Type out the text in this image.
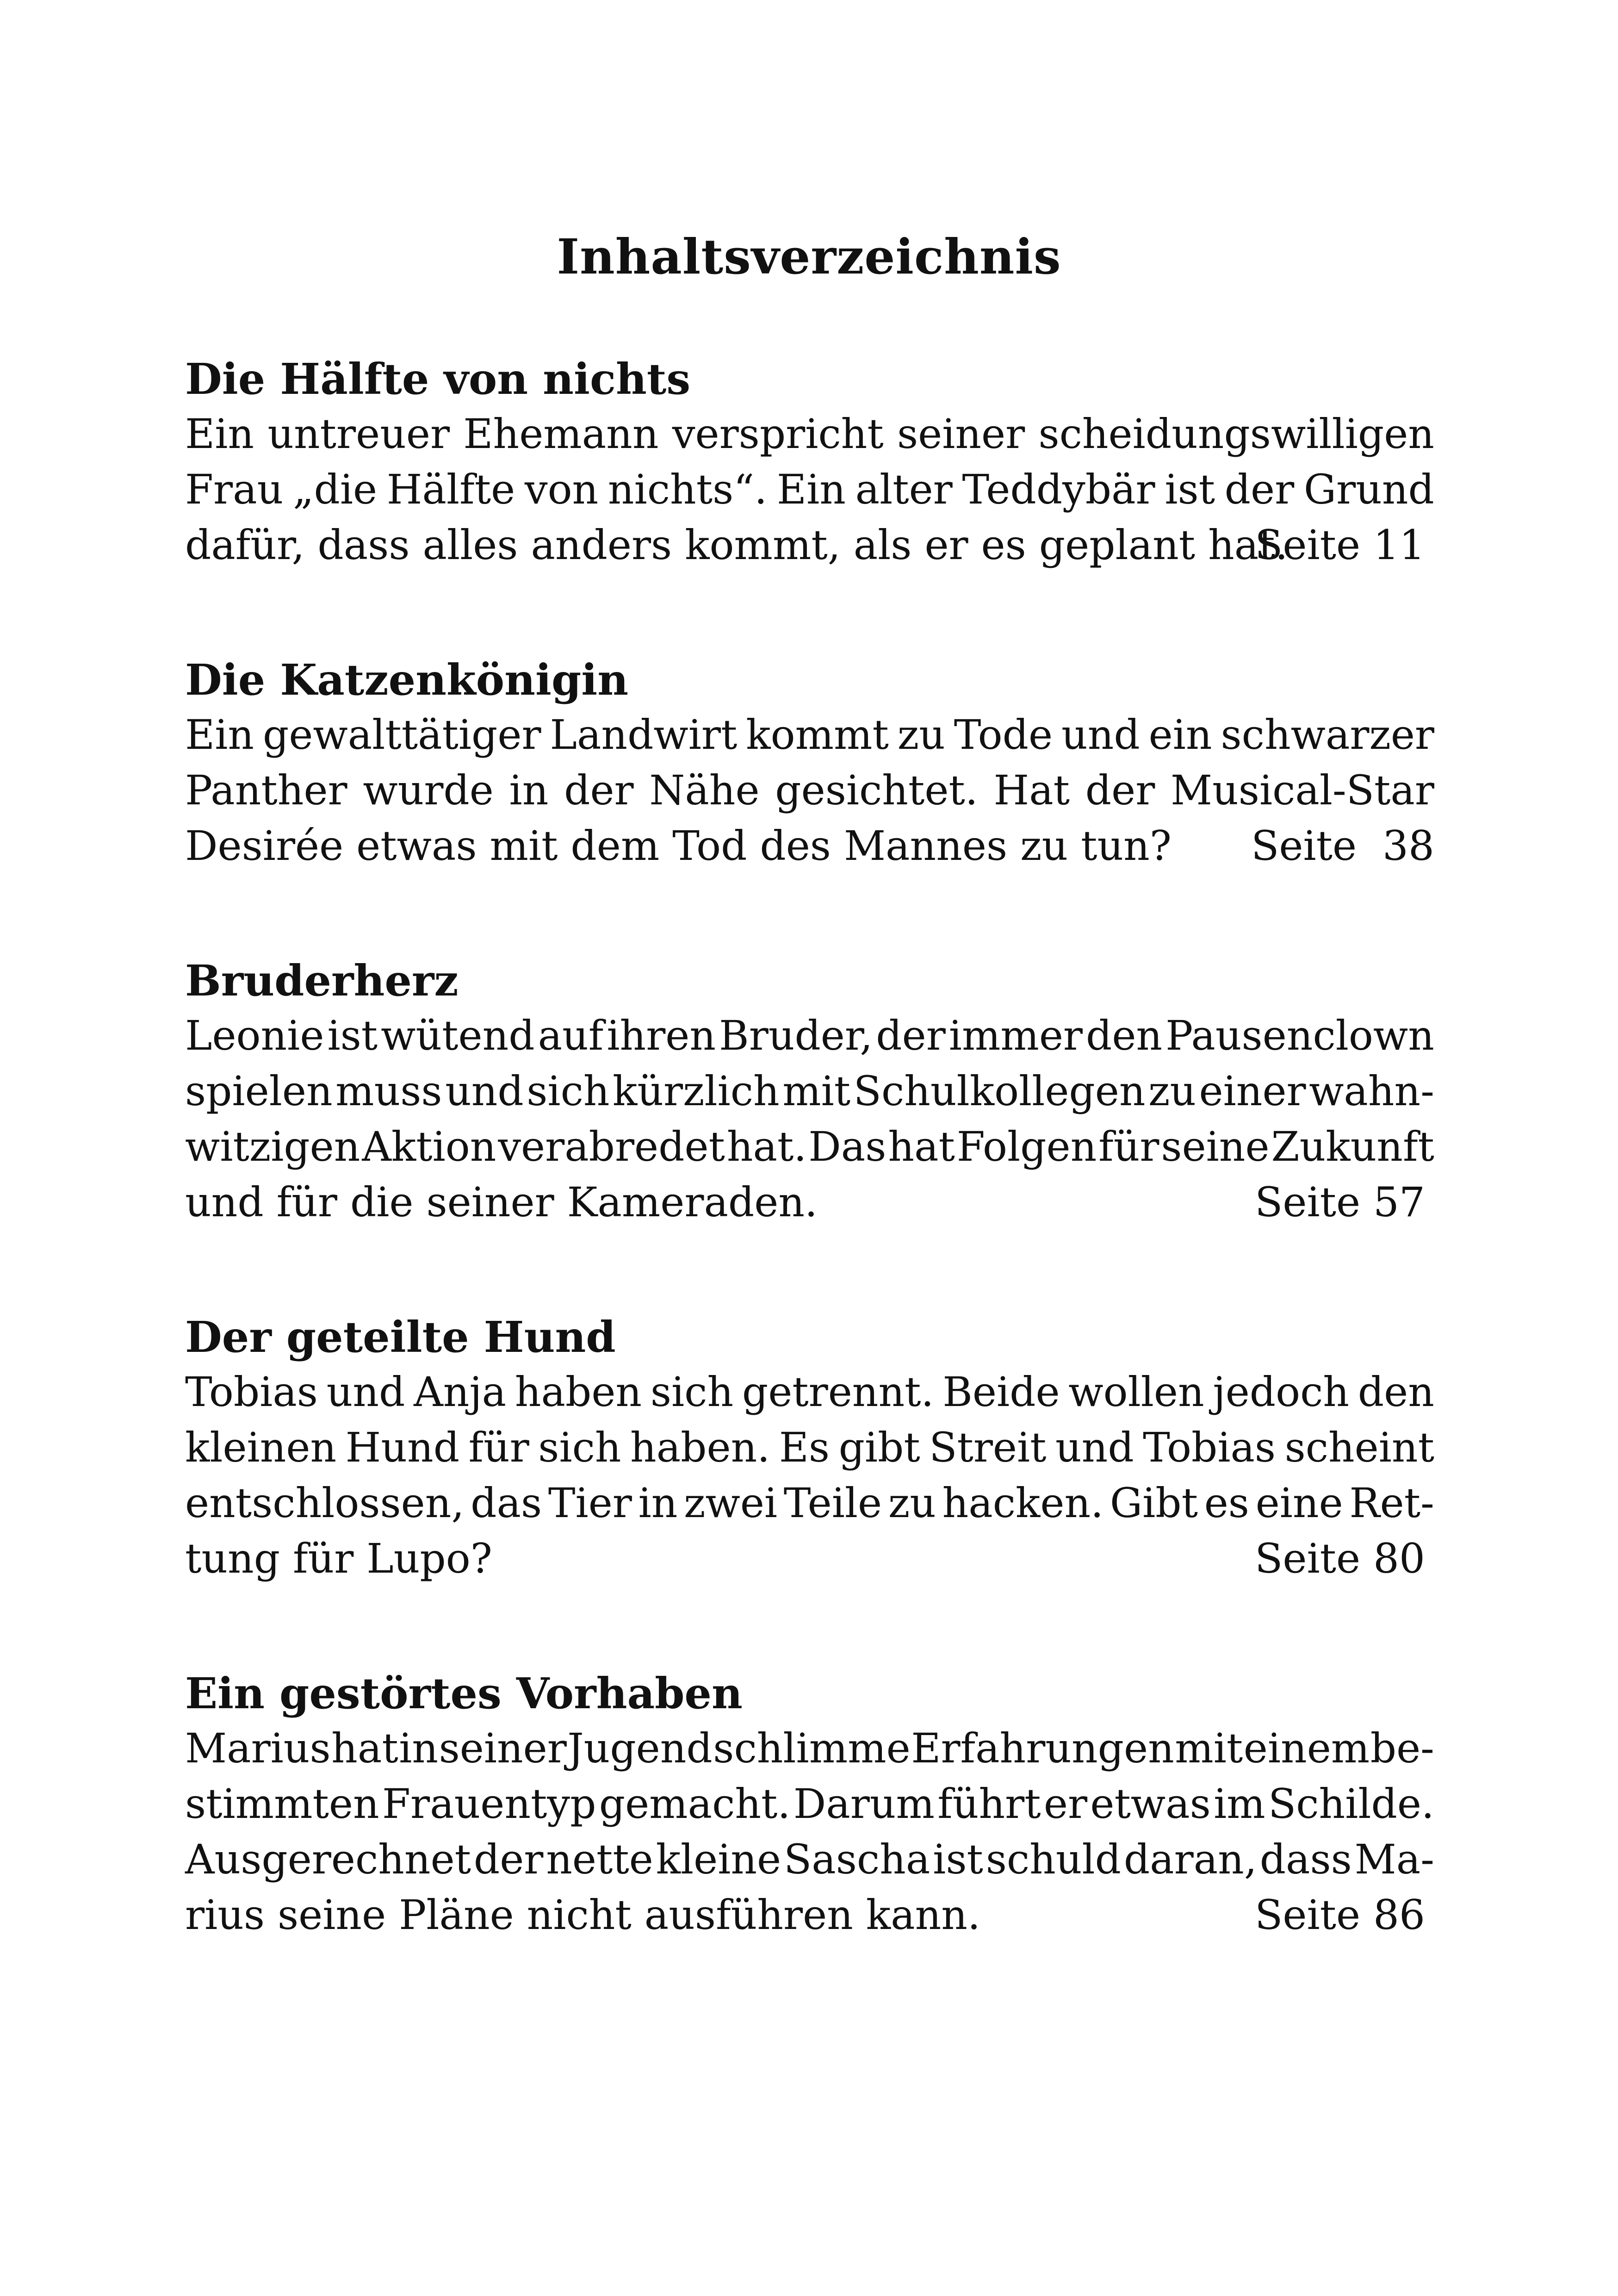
Inhaltsverzeichnis
Die Hälfte von nichts
Ein untreuer Ehemann verspricht seiner scheidungswilligen
Frau „die Hälfte von nichts“. Ein alter Teddybär ist der Grund
dafür, dass alles anders kommt, als er es geplant hat.
Seite 11
Die Katzenkönigin
Ein gewalttätiger Landwirt kommt zu Tode und ein schwarzer
Panther wurde in der Nähe gesichtet. Hat der Musical-Star
Desirée etwas mit dem Tod des Mannes zu tun? Seite  38
Bruderherz
Leonie ist wütend auf ihren Bruder, der immer den Pausenclown
spielen muss und sich kürzlich mit Schulkollegen zu einer wahn-
witzigen Aktion verabredet hat. Das hat Folgen für seine Zukunft
und für die seiner Kameraden.	Seite 57
Der geteilte Hund
Tobias und Anja haben sich getrennt. Beide wollen jedoch den
kleinen Hund für sich haben. Es gibt Streit und Tobias scheint
entschlossen, das Tier in zwei Teile zu hacken. Gibt es eine Ret-
tung für Lupo?	Seite 80
Ein gestörtes Vorhaben
Marius hat in seiner Jugend schlimme Erfahrungen mit einem be-
stimmten Frauentyp gemacht. Darum führt er etwas im Schilde.
Ausgerechnet der nette kleine Sascha ist schuld daran, dass Ma-
rius seine Pläne nicht ausführen kann.	Seite 86
